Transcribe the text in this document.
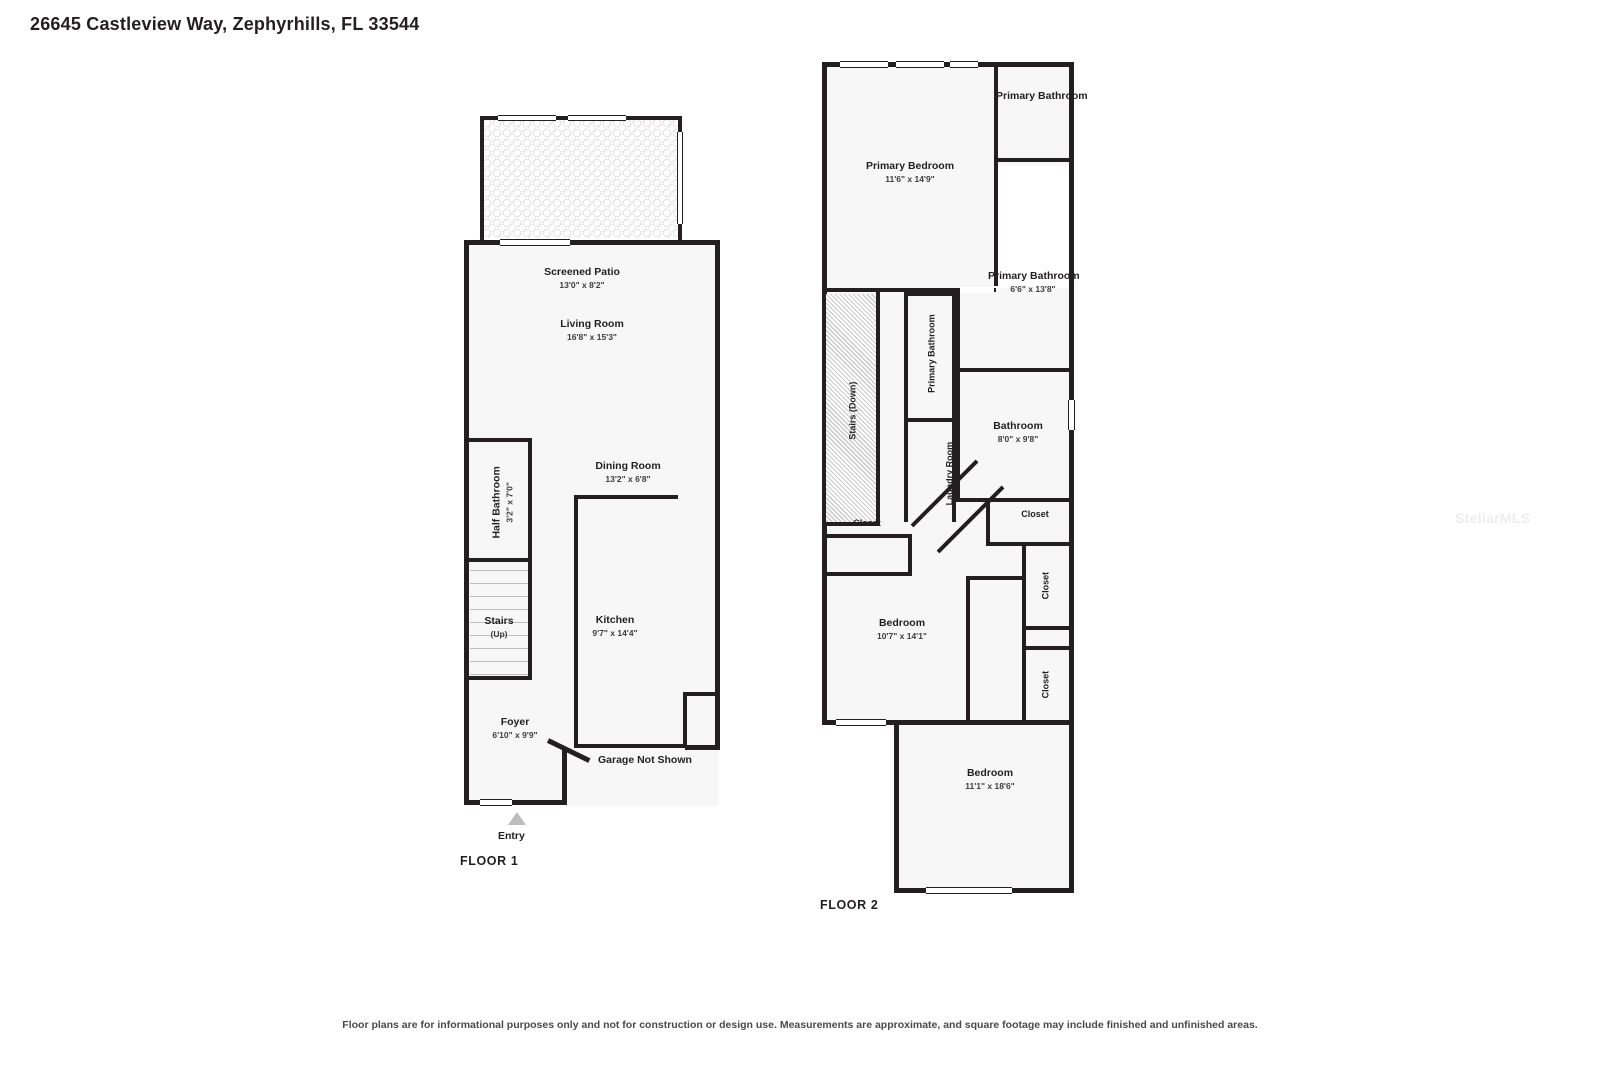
26645 Castleview Way, Zephyrhills, FL 33544
Screened Patio
13'0" x 8'2"
Living Room
16'8" x 15'3"
Dining Room
13'2" x 6'8"
Half Bathroom 3'2" x 7'0"
Stairs
(Up)
Kitchen
9'7" x 14'4"
Foyer
6'10" x 9'9"
Garage Not Shown
Entry
FLOOR 1
Primary Bathroom
Primary Bedroom
11'6" x 14'9"
Primary Bathroom
6'6" x 13'8"
Primary Bathroom
Stairs (Down)
Laundry Room
Bathroom
8'0" x 9'8"
Closet
Closet
Closet
Closet
Bedroom
10'7" x 14'1"
Bedroom
11'1" x 18'6"
FLOOR 2
StellarMLS
Floor plans are for informational purposes only and not for construction or design use. Measurements are approximate, and square footage may include finished and unfinished areas.
